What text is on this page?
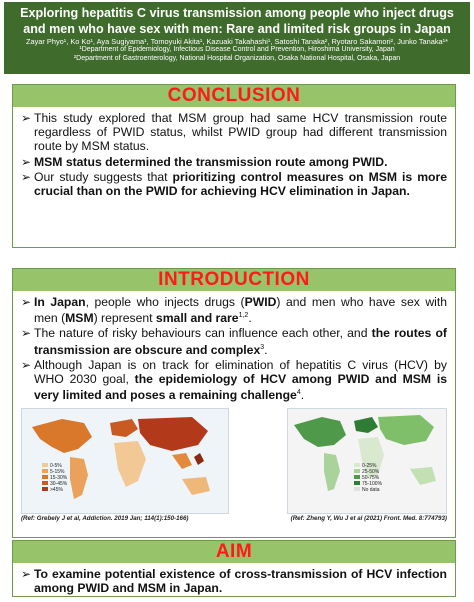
Exploring hepatitis C virus transmission among people who inject drugs and men who have sex with men: Rare and limited risk groups in Japan
Zayar Phyo¹, Ko Ko¹, Aya Sugiyama¹, Tomoyuki Akita¹, Kazuaki Takahashi¹, Satoshi Tanaka², Ryotaro Sakamori², Junko Tanaka¹*
¹Department of Epidemiology, Infectious Disease Control and Prevention, Hiroshima University, Japan
²Department of Gastroenterology, National Hospital Organization, Osaka National Hospital, Osaka, Japan
CONCLUSION
➢ This study explored that MSM group had same HCV transmission route regardless of PWID status, whilst PWID group had different transmission route by MSM status.
➢ MSM status determined the transmission route among PWID.
➢ Our study suggests that prioritizing control measures on MSM is more crucial than on the PWID for achieving HCV elimination in Japan.
INTRODUCTION
➢ In Japan, people who injects drugs (PWID) and men who have sex with men (MSM) represent small and rare$^{1,2}$.
➢ The nature of risky behaviours can influence each other, and the routes of transmission are obscure and complex$^3$.
➢ Although Japan is on track for elimination of hepatitis C virus (HCV) by WHO 2030 goal, the epidemiology of HCV among PWID and MSM is very limited and poses a remaining challenge$^4$.
0-5%
5-15%
15-30%
30-45%
>45%
0-25%
25-50%
50-75%
75-100%
No data
(Ref: Grebely J et al, Addiction. 2019 Jan; 114(1):150-166)	(Ref: Zheng Y, Wu J et al (2021) Front. Med. 8:774793)
AIM
➢ To examine potential existence of cross-transmission of HCV infection among PWID and MSM in Japan.
